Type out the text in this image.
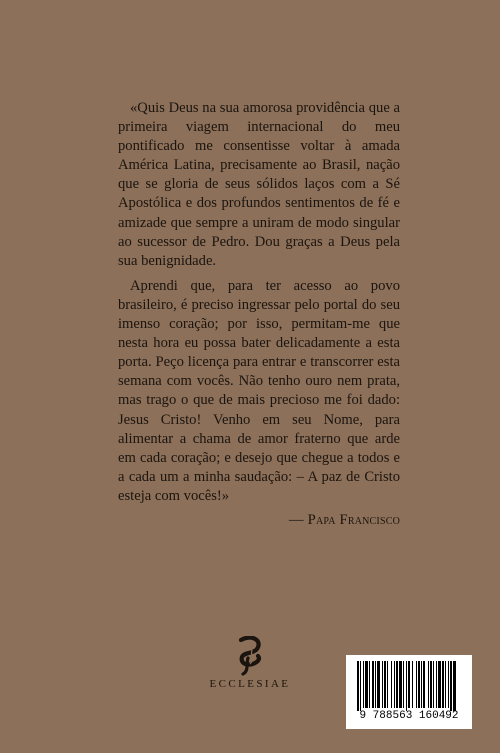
«Quis Deus na sua amorosa providência que a primeira viagem internacional do meu pontificado me consentisse voltar à amada América Latina, precisamente ao Brasil, nação que se gloria de seus sólidos laços com a Sé Apostólica e dos profundos sentimentos de fé e amizade que sempre a uniram de modo singular ao sucessor de Pedro. Dou graças a Deus pela sua benignidade.

Aprendi que, para ter acesso ao povo brasileiro, é preciso ingressar pelo portal do seu imenso coração; por isso, permitam-me que nesta hora eu possa bater delicadamente a esta porta. Peço licença para entrar e transcorrer esta semana com vocês. Não tenho ouro nem prata, mas trago o que de mais precioso me foi dado: Jesus Cristo! Venho em seu Nome, para alimentar a chama de amor fraterno que arde em cada coração; e desejo que chegue a todos e a cada um a minha saudação: – A paz de Cristo esteja com vocês!»

— Papa Francisco
ECCLESIAE
9 788563 160492
